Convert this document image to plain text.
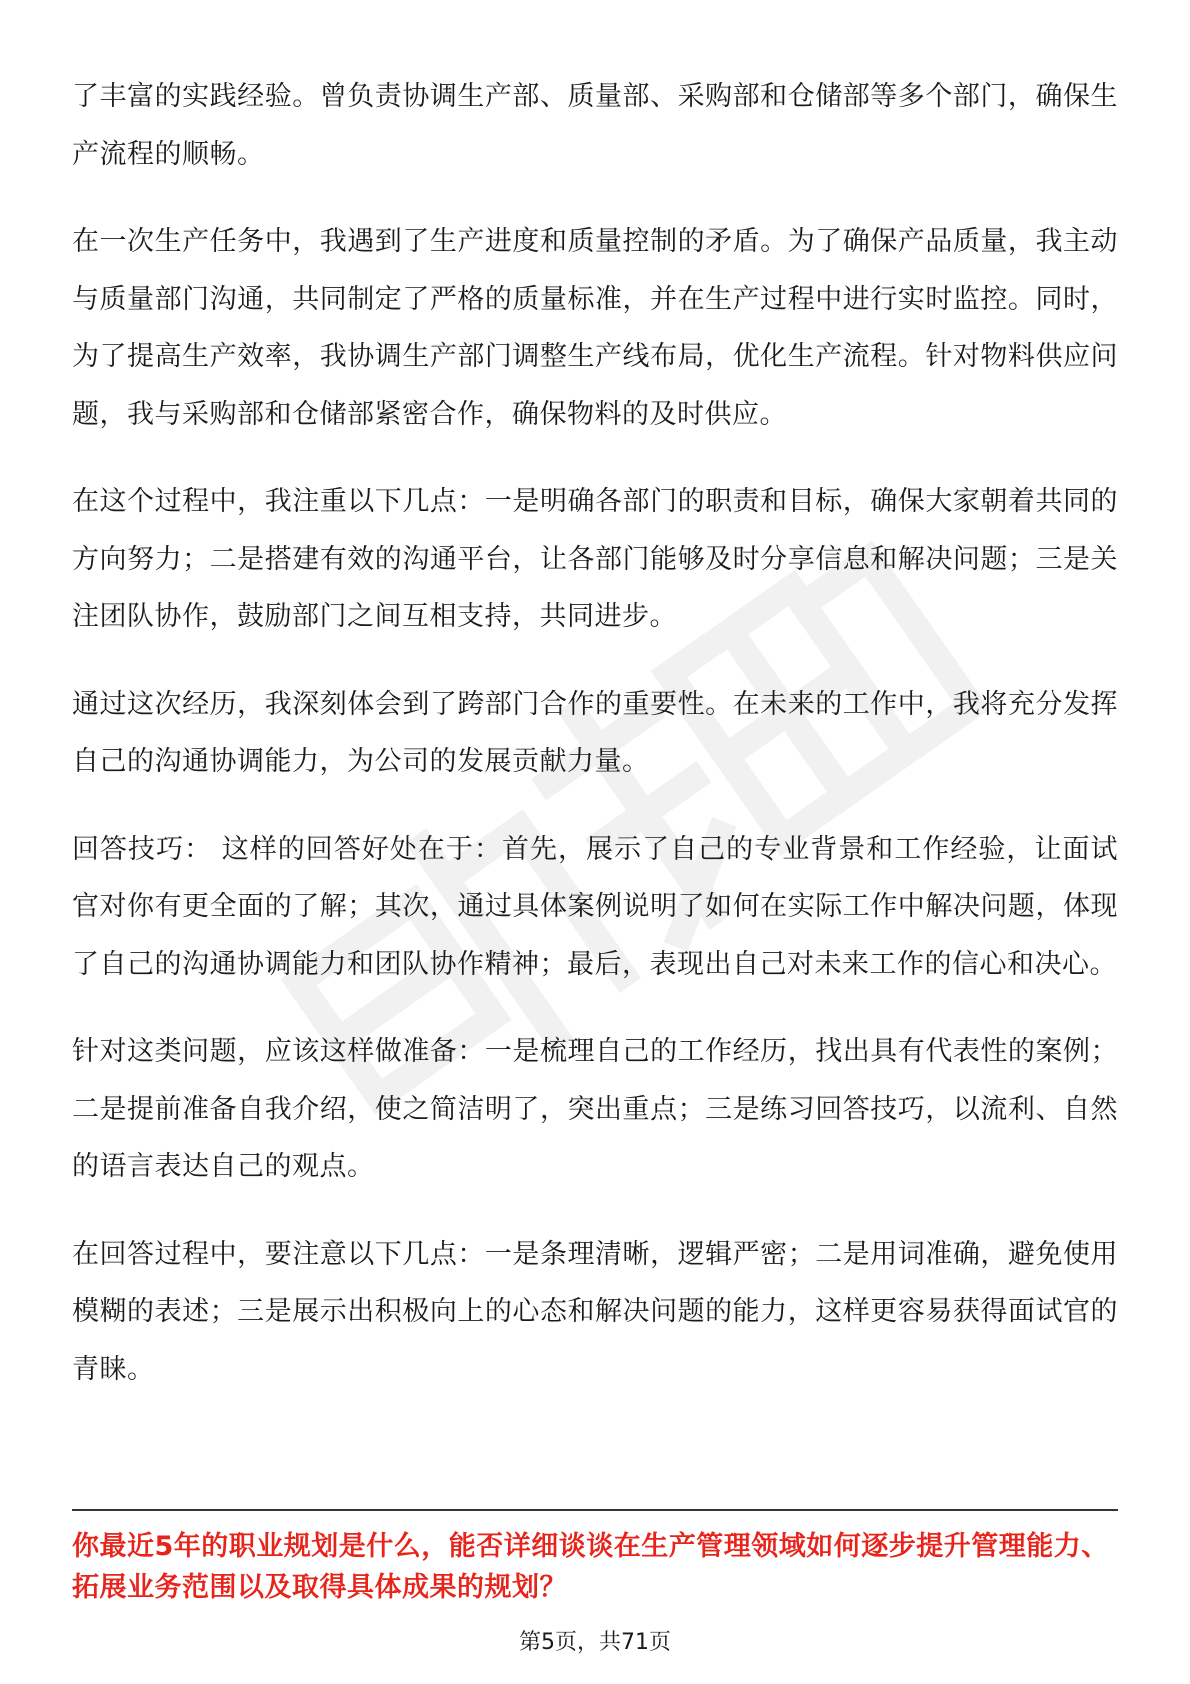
了丰富的实践经验。曾负责协调生产部、质量部、采购部和仓储部等多个部门，确保生产流程的顺畅。

在一次生产任务中，我遇到了生产进度和质量控制的矛盾。为了确保产品质量，我主动与质量部门沟通，共同制定了严格的质量标准，并在生产过程中进行实时监控。同时，为了提高生产效率，我协调生产部门调整生产线布局，优化生产流程。针对物料供应问题，我与采购部和仓储部紧密合作，确保物料的及时供应。

在这个过程中，我注重以下几点：一是明确各部门的职责和目标，确保大家朝着共同的方向努力；二是搭建有效的沟通平台，让各部门能够及时分享信息和解决问题；三是关注团队协作，鼓励部门之间互相支持，共同进步。

通过这次经历，我深刻体会到了跨部门合作的重要性。在未来的工作中，我将充分发挥自己的沟通协调能力，为公司的发展贡献力量。

回答技巧： 这样的回答好处在于：首先，展示了自己的专业背景和工作经验，让面试官对你有更全面的了解；其次，通过具体案例说明了如何在实际工作中解决问题，体现了自己的沟通协调能力和团队协作精神；最后，表现出自己对未来工作的信心和决心。

针对这类问题，应该这样做准备：一是梳理自己的工作经历，找出具有代表性的案例；二是提前准备自我介绍，使之简洁明了，突出重点；三是练习回答技巧，以流利、自然的语言表达自己的观点。

在回答过程中，要注意以下几点：一是条理清晰，逻辑严密；二是用词准确，避免使用模糊的表述；三是展示出积极向上的心态和解决问题的能力，这样更容易获得面试官的青睐。

你最近5年的职业规划是什么，能否详细谈谈在生产管理领域如何逐步提升管理能力、拓展业务范围以及取得具体成果的规划？
第5页，共71页
